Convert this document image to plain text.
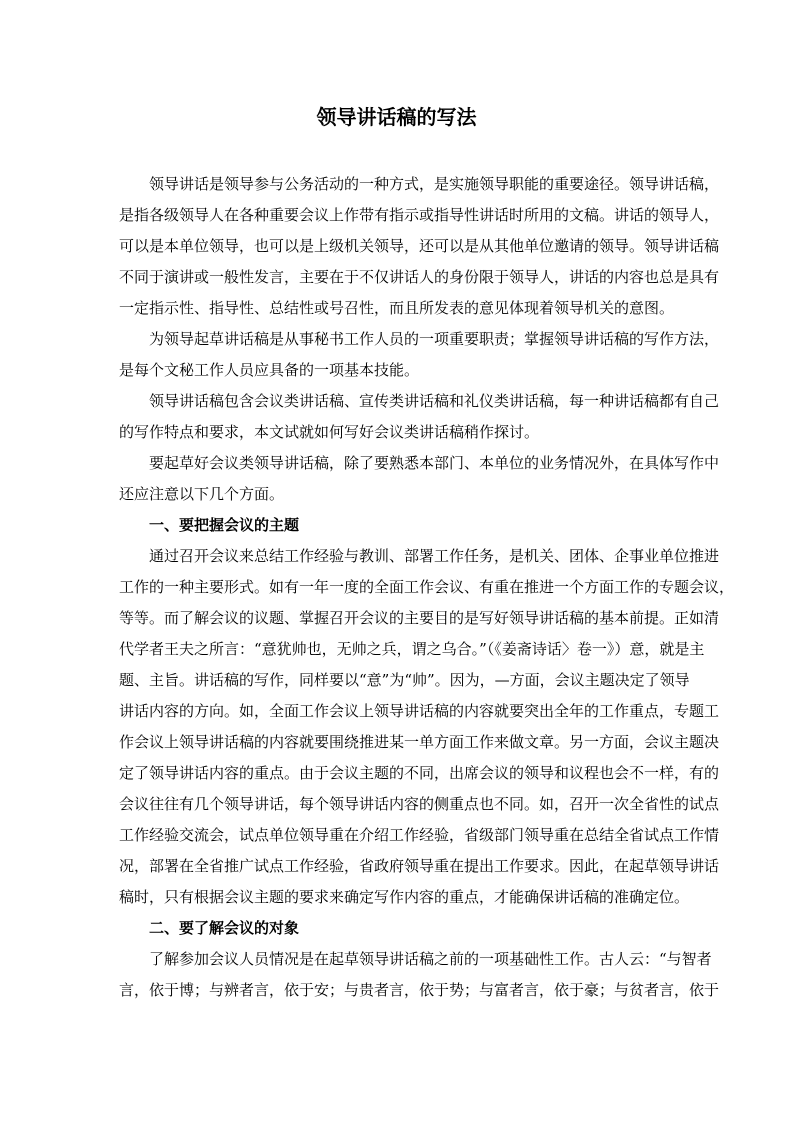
领导讲话稿的写法
领导讲话是领导参与公务活动的一种方式，是实施领导职能的重要途径。领导讲话稿，
是指各级领导人在各种重要会议上作带有指示或指导性讲话时所用的文稿。讲话的领导人，
可以是本单位领导，也可以是上级机关领导，还可以是从其他单位邀请的领导。领导讲话稿
不同于演讲或一般性发言，主要在于不仅讲话人的身份限于领导人，讲话的内容也总是具有
一定指示性、指导性、总结性或号召性，而且所发表的意见体现着领导机关的意图。
为领导起草讲话稿是从事秘书工作人员的一项重要职责；掌握领导讲话稿的写作方法，
是每个文秘工作人员应具备的一项基本技能。
领导讲话稿包含会议类讲话稿、宣传类讲话稿和礼仪类讲话稿，每一种讲话稿都有自己
的写作特点和要求，本文试就如何写好会议类讲话稿稍作探讨。
要起草好会议类领导讲话稿，除了要熟悉本部门、本单位的业务情况外，在具体写作中
还应注意以下几个方面。
一、要把握会议的主题
通过召开会议来总结工作经验与教训、部署工作任务，是机关、团体、企事业单位推进
工作的一种主要形式。如有一年一度的全面工作会议、有重在推进一个方面工作的专题会议，
等等。而了解会议的议题、掌握召开会议的主要目的是写好领导讲话稿的基本前提。正如清
代学者王夫之所言：“意犹帅也，无帅之兵，谓之乌合。”（《姜斋诗话〉卷一》）意，就是主
题、主旨。讲话稿的写作，同样要以“意”为“帅”。因为，—方面，会议主题决定了领导
讲话内容的方向。如，全面工作会议上领导讲话稿的内容就要突出全年的工作重点，专题工
作会议上领导讲话稿的内容就要围绕推进某一单方面工作来做文章。另一方面，会议主题决
定了领导讲话内容的重点。由于会议主题的不同，出席会议的领导和议程也会不一样，有的
会议往往有几个领导讲话，每个领导讲话内容的侧重点也不同。如，召开一次全省性的试点
工作经验交流会，试点单位领导重在介绍工作经验，省级部门领导重在总结全省试点工作情
况，部署在全省推广试点工作经验，省政府领导重在提出工作要求。因此，在起草领导讲话
稿时，只有根据会议主题的要求来确定写作内容的重点，才能确保讲话稿的准确定位。
二、要了解会议的对象
了解参加会议人员情况是在起草领导讲话稿之前的一项基础性工作。古人云：“与智者
言，依于博；与辨者言，依于安；与贵者言，依于势；与富者言，依于豪；与贫者言，依于
